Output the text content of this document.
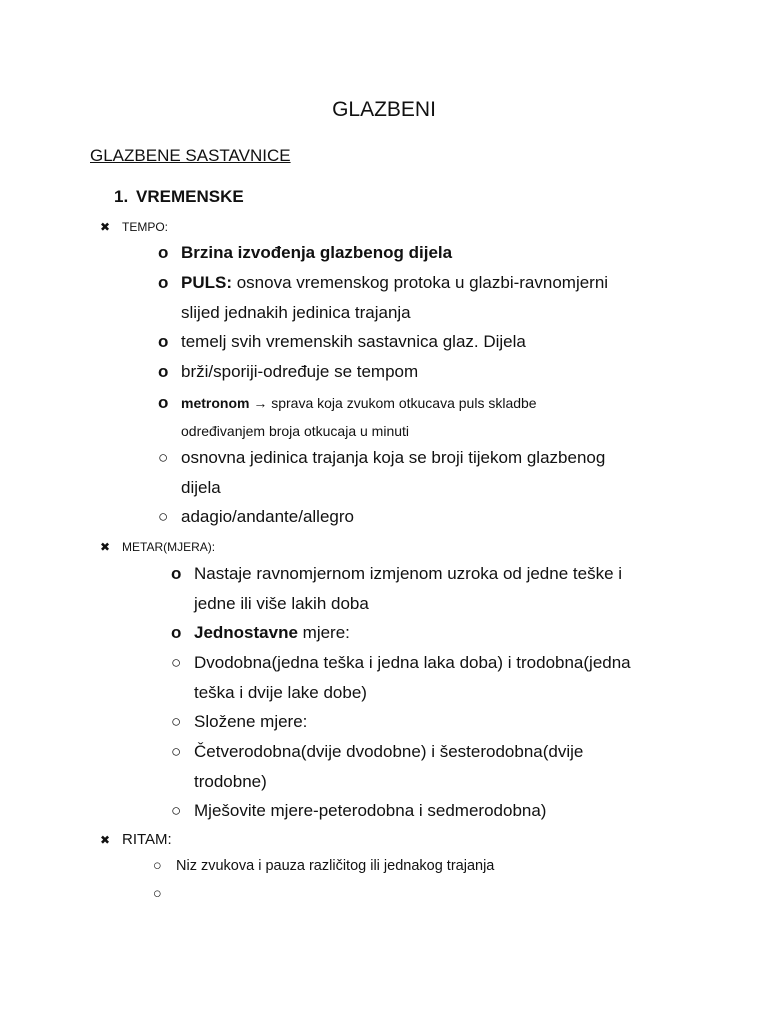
GLAZBENI
GLAZBENE SASTAVNICE
1. VREMENSKE
✖ TEMPO:
o Brzina izvođenja glazbenog dijela
o PULS: osnova vremenskog protoka u glazbi-ravnomjerni
slijed jednakih jedinica trajanja
o temelj svih vremenskih sastavnica glaz. Dijela
o brži/sporiji-određuje se tempom
o metronom → sprava koja zvukom otkucava puls skladbe
određivanjem broja otkucaja u minuti
○ osnovna jedinica trajanja koja se broji tijekom glazbenog
dijela
○ adagio/andante/allegro
✖ METAR(MJERA):
o Nastaje ravnomjernom izmjenom uzroka od jedne teške i
jedne ili više lakih doba
o Jednostavne mjere:
○ Dvodobna(jedna teška i jedna laka doba) i trodobna(jedna
teška i dvije lake dobe)
○ Složene mjere:
○ Četverodobna(dvije dvodobne) i šesterodobna(dvije
trodobne)
○ Mješovite mjere-peterodobna i sedmerodobna)
✖ RITAM:
○ Niz zvukova i pauza različitog ili jednakog trajanja
○
